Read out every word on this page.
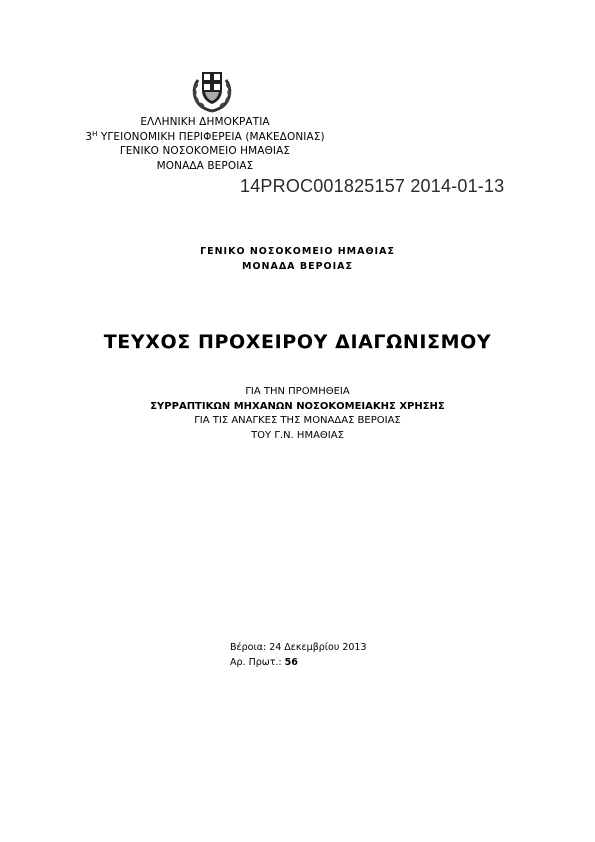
ΕΛΛΗΝΙΚΗ ΔΗΜΟΚΡΑΤΙΑ
$3^H$ ΥΓΕΙΟΝΟΜΙΚΗ ΠΕΡΙΦΕΡΕΙΑ (ΜΑΚΕΔΟΝΙΑΣ)
ΓΕΝΙΚΟ ΝΟΣΟΚΟΜΕΙΟ ΗΜΑΘΙΑΣ
ΜΟΝΑΔΑ ΒΕΡΟΙΑΣ
14PROC001825157 2014-01-13
ΓΕΝΙΚΟ ΝΟΣΟΚΟΜΕΙΟ ΗΜΑΘΙΑΣ
ΜΟΝΑΔΑ ΒΕΡΟΙΑΣ
ΤΕΥΧΟΣ ΠΡΟΧΕΙΡΟΥ ΔΙΑΓΩΝΙΣΜΟΥ
ΓΙΑ ΤΗΝ ΠΡΟΜΗΘΕΙΑ
ΣΥΡΡΑΠΤΙΚΩΝ ΜΗΧΑΝΩΝ ΝΟΣΟΚΟΜΕΙΑΚΗΣ ΧΡΗΣΗΣ
ΓΙΑ ΤΙΣ ΑΝΑΓΚΕΣ ΤΗΣ ΜΟΝΑΔΑΣ ΒΕΡΟΙΑΣ
ΤΟΥ Γ.Ν. ΗΜΑΘΙΑΣ
Βέροια: 24 Δεκεμβρίου 2013
Αρ. Πρωτ.: 56
